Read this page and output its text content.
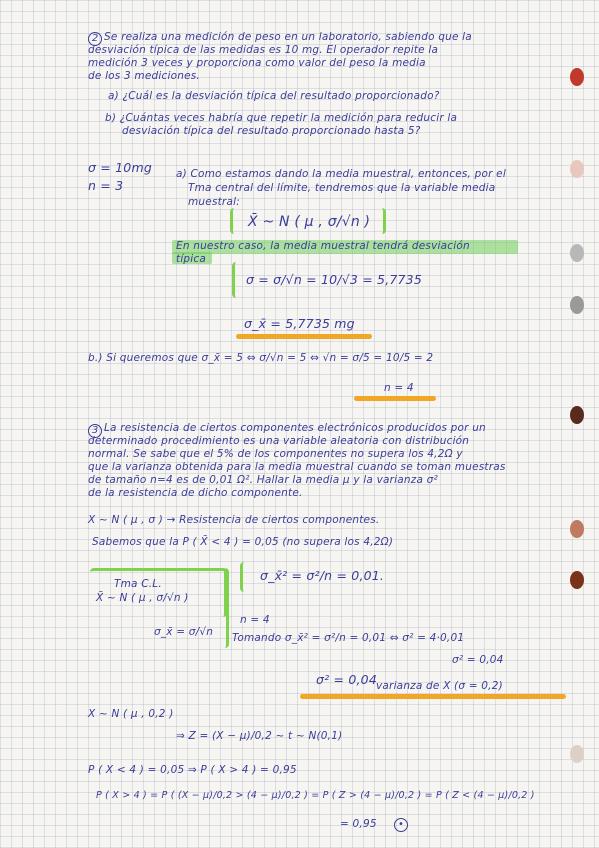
2 Se realiza una medición de peso en un laboratorio, sabiendo que la
desviación típica de las medidas es 10 mg. El operador repite la
medición 3 veces y proporciona como valor del peso la media
de los 3 mediciones.
a) ¿Cuál es la desviación típica del resultado proporcionado?
b) ¿Cuántas veces habría que repetir la medición para reducir la
desviación típica del resultado proporcionado hasta 5?
σ = 10mg
n = 3
a) Como estamos dando la media muestral, entonces, por el
Tma central del límite, tendremos que la variable media
muestral:
X̄ ~ N ( μ , σ/√n )
En nuestro caso, la media muestral tendrá desviación
típica
σ = σ/√n = 10/√3 = 5,7735
σ_x̄ = 5,7735 mg
b.) Si queremos que σ_x̄ = 5 ⇔ σ/√n = 5 ⇔ √n = σ/5 = 10/5 = 2
n = 4
3 La resistencia de ciertos componentes electrónicos producidos por un
determinado procedimiento es una variable aleatoria con distribución
normal. Se sabe que el 5% de los componentes no supera los 4,2Ω y
que la varianza obtenida para la media muestral cuando se toman muestras
de tamaño n=4 es de 0,01 Ω². Hallar la media μ y la varianza σ²
de la resistencia de dicho componente.
X ~ N ( μ , σ ) → Resistencia de ciertos componentes.
Sabemos que la P ( X̄ < 4 ) = 0,05 (no supera los 4,2Ω)
Tma C.L.
X̄ ~ N ( μ , σ/√n )
σ_x̄ = σ/√n
σ_x̄² = σ²/n = 0,01.
n = 4
Tomando σ_x̄² = σ²/n = 0,01 ⇔ σ² = 4·0,01
σ² = 0,04
σ² = 0,04 varianza de X (σ = 0,2)
X ~ N ( μ , 0,2 )
⇒ Z = (X − μ)/0,2 ~ t ~ N(0,1)
P ( X < 4 ) = 0,05 ⇒ P ( X > 4 ) = 0,95
P ( X > 4 ) = P ( (X − μ)/0,2 > (4 − μ)/0,2 ) = P ( Z > (4 − μ)/0,2 ) = P ( Z < (4 − μ)/0,2 )
= 0,95	•
